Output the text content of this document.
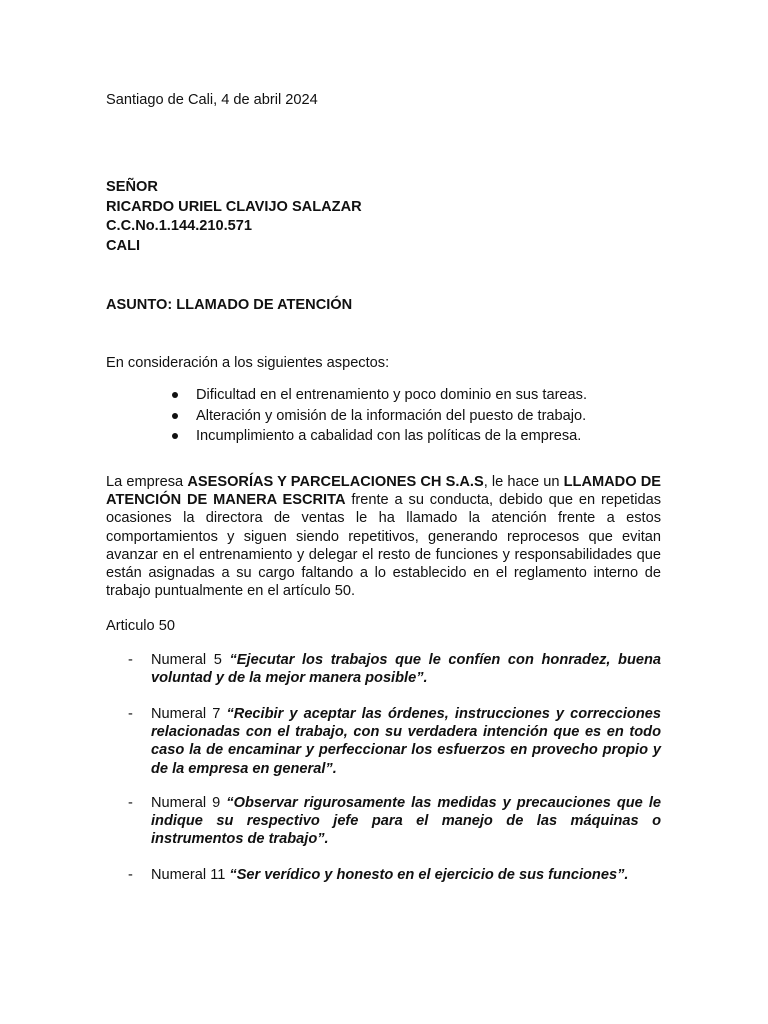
Santiago de Cali, 4 de abril 2024
SEÑOR
RICARDO URIEL CLAVIJO SALAZAR
C.C.No.1.144.210.571
CALI
ASUNTO: LLAMADO DE ATENCIÓN
En consideración a los siguientes aspectos:
Dificultad en el entrenamiento y poco dominio en sus tareas.
Alteración y omisión de la información del puesto de trabajo.
Incumplimiento a cabalidad con las políticas de la empresa.
La empresa ASESORÍAS Y PARCELACIONES CH S.A.S, le hace un LLAMADO DE ATENCIÓN DE MANERA ESCRITA frente a su conducta, debido que en repetidas ocasiones la directora de ventas le ha llamado la atención frente a estos comportamientos y siguen siendo repetitivos, generando reprocesos que evitan avanzar en el entrenamiento y delegar el resto de funciones y responsabilidades que están asignadas a su cargo faltando a lo establecido en el reglamento interno de trabajo puntualmente en el artículo 50.
Articulo 50
- Numeral 5 “Ejecutar los trabajos que le confíen con honradez, buena voluntad y de la mejor manera posible”.
- Numeral 7 “Recibir y aceptar las órdenes, instrucciones y correcciones relacionadas con el trabajo, con su verdadera intención que es en todo caso la de encaminar y perfeccionar los esfuerzos en provecho propio y de la empresa en general”.
- Numeral 9 “Observar rigurosamente las medidas y precauciones que le indique su respectivo jefe para el manejo de las máquinas o instrumentos de trabajo”.
- Numeral 11 “Ser verídico y honesto en el ejercicio de sus funciones”.
